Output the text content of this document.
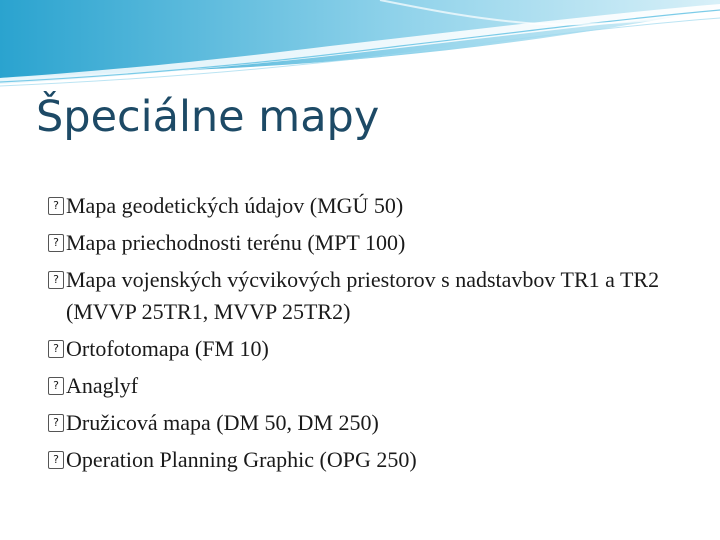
Špeciálne mapy
? Mapa geodetických údajov (MGÚ 50)
? Mapa priechodnosti terénu (MPT 100)
? Mapa vojenských výcvikových priestorov s nadstavbov TR1 a TR2 (MVVP 25TR1, MVVP 25TR2)
? Ortofotomapa (FM 10)
? Anaglyf
? Družicová mapa (DM 50, DM 250)
? Operation Planning Graphic (OPG 250)
